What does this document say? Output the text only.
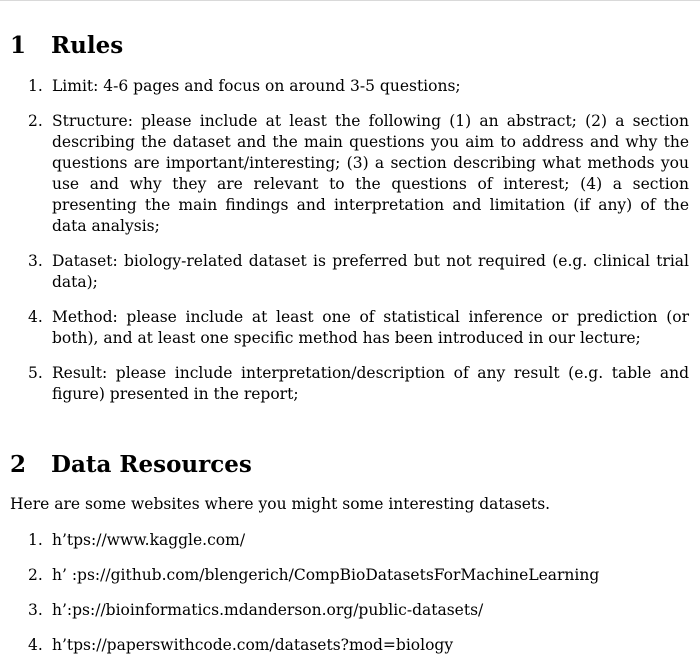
1 Rules
1. Limit: 4-6 pages and focus on around 3-5 questions;
2. Structure: please include at least the following (1) an abstract; (2) a section describing the dataset and the main questions you aim to address and why the questions are important/interesting; (3) a section describing what methods you use and why they are relevant to the questions of interest; (4) a section presenting the main findings and interpretation and limitation (if any) of the data analysis;
3. Dataset: biology-related dataset is preferred but not required (e.g. clinical trial data);
4. Method: please include at least one of statistical inference or prediction (or both), and at least one specific method has been introduced in our lecture;
5. Result: please include interpretation/description of any result (e.g. table and figure) presented in the report;
2 Data Resources

Here are some websites where you might some interesting datasets.

1. h’tps://www.kaggle.com/
2. h’ :ps://github.com/blengerich/CompBioDatasetsForMachineLearning
3. h’:ps://bioinformatics.mdanderson.org/public-datasets/
4. h’tps://paperswithcode.com/datasets?mod=biology
